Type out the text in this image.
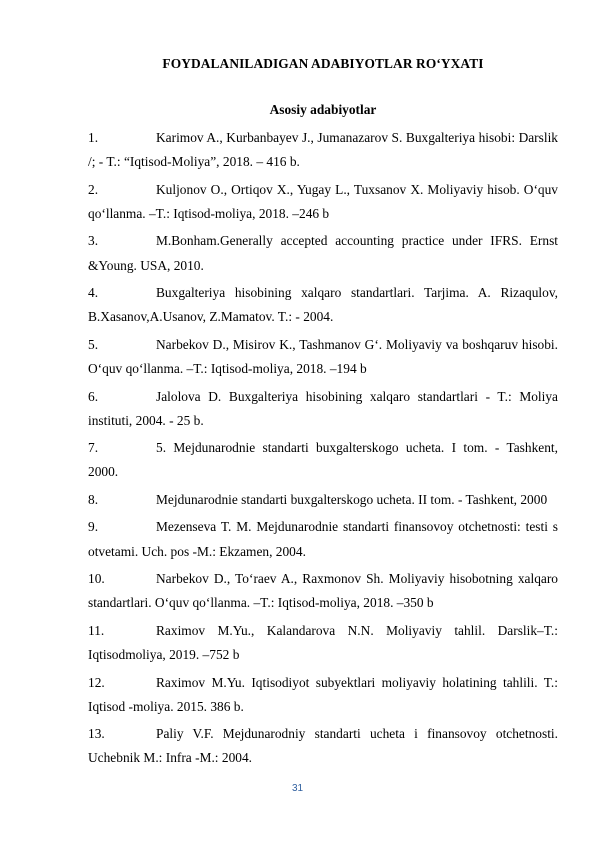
FOYDALANILADIGAN ADABIYOTLAR RO‘YXATI
Asosiy adabiyotlar

1.	Karimov A., Kurbanbayev J., Jumanazarov S. Buxgalteriya hisobi: Darslik /; - T.: “Iqtisod-Moliya”, 2018. – 416 b.

2.	Kuljonov O., Ortiqov X., Yugay L., Tuxsanov X. Moliyaviy hisob. O‘quv qo‘llanma. –T.: Iqtisod-moliya, 2018. –246 b

3.	M.Bonham.Generally accepted accounting practice under IFRS. Ernst &Young. USA, 2010.

4.	Buxgalteriya hisobining xalqaro standartlari. Tarjima. A. Rizaqulov, B.Xasanov,A.Usanov, Z.Mamatov. T.: - 2004.

5.	Narbekov D., Misirov K., Tashmanov G‘. Moliyaviy va boshqaruv hisobi. O‘quv qo‘llanma. –T.: Iqtisod-moliya, 2018. –194 b

6.	Jalolova D. Buxgalteriya hisobining xalqaro standartlari - T.: Moliya instituti, 2004. - 25 b.

7.	5. Mejdunarodnie standarti buxgalterskogo ucheta. I tom. - Tashkent, 2000.

8.	Mejdunarodnie standarti buxgalterskogo ucheta. II tom. - Tashkent, 2000

9.	Mezenseva T. M. Mejdunarodnie standarti finansovoy otchetnosti: testi s otvetami. Uch. pos -M.: Ekzamen, 2004.

10.	Narbekov D., To‘raev A., Raxmonov Sh. Moliyaviy hisobotning xalqaro standartlari. O‘quv qo‘llanma. –T.: Iqtisod-moliya, 2018. –350 b

11.	Raximov M.Yu., Kalandarova N.N. Moliyaviy tahlil. Darslik–T.: Iqtisodmoliya, 2019. –752 b

12.	Raximov M.Yu. Iqtisodiyot subyektlari moliyaviy holatining tahlili. T.: Iqtisod -moliya. 2015. 386 b.

13.	Paliy V.F. Mejdunarodniy standarti ucheta i finansovoy otchetnosti. Uchebnik M.: Infra -M.: 2004.

31
